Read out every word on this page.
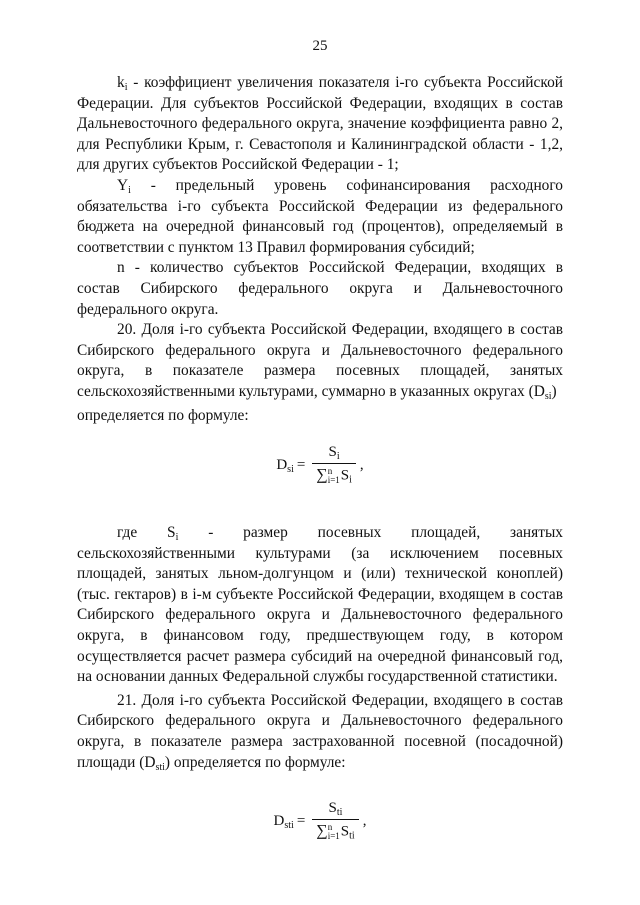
25

$k_i$ - коэффициент увеличения показателя i-го субъекта Российской Федерации. Для субъектов Российской Федерации, входящих в состав Дальневосточного федерального округа, значение коэффициента равно 2, для Республики Крым, г. Севастополя и Калининградской области - 1,2, для других субъектов Российской Федерации - 1;

$Y_i$ - предельный уровень софинансирования расходного обязательства i-го субъекта Российской Федерации из федерального бюджета на очередной финансовый год (процентов), определяемый в соответствии с пунктом 13 Правил формирования субсидий;

n - количество субъектов Российской Федерации, входящих в состав Сибирского федерального округа и Дальневосточного федерального округа.

20. Доля i-го субъекта Российской Федерации, входящего в состав Сибирского федерального округа и Дальневосточного федерального округа, в показателе размера посевных площадей, занятых сельскохозяйственными культурами, суммарно в указанных округах $(D_{si})$

определяется по формуле:

$D_{si} = S_i$
∑ n
i=1 $S_i$ ,

где $S_i$ - размер посевных площадей, занятых сельскохозяйственными культурами (за исключением посевных площадей, занятых льном-долгунцом и (или) технической коноплей) (тыс. гектаров) в i-м субъекте Российской Федерации, входящем в состав Сибирского федерального округа и Дальневосточного федерального округа, в финансовом году, предшествующем году, в котором осуществляется расчет размера субсидий на очередной финансовый год, на основании данных Федеральной службы государственной статистики.

21. Доля i-го субъекта Российской Федерации, входящего в состав Сибирского федерального округа и Дальневосточного федерального округа, в показателе размера застрахованной посевной (посадочной) площади $(D_{sti})$ определяется по формуле:

$D_{sti} = S_{ti}$
∑ n
i=1 $S_{ti}$ ,
